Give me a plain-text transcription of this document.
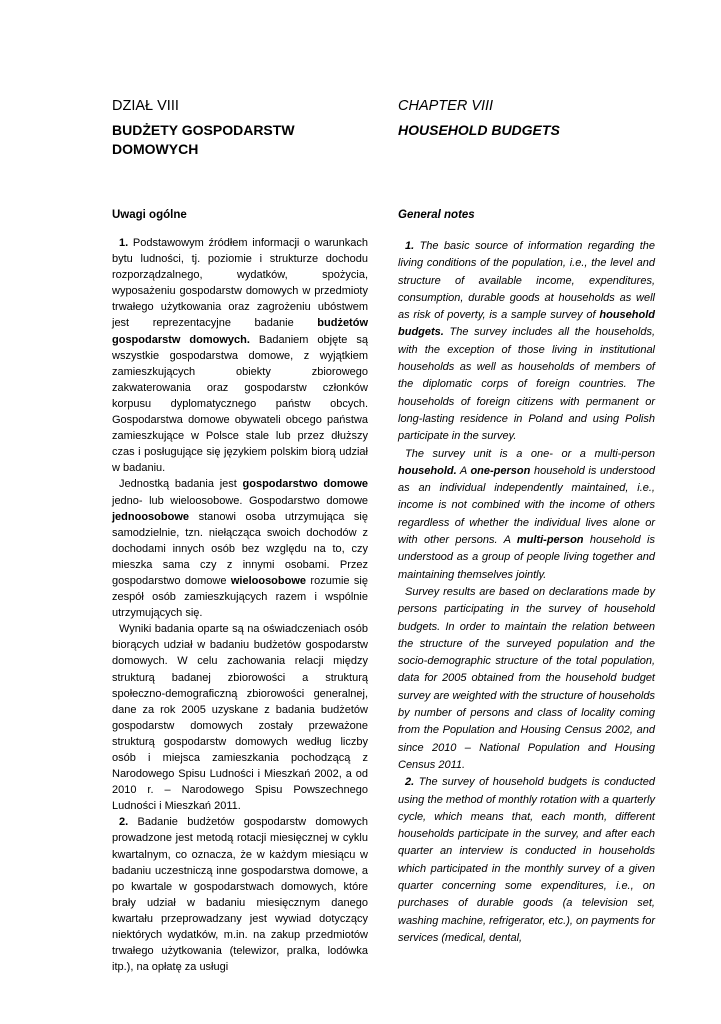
DZIAŁ VIII
BUDŻETY GOSPODARSTW DOMOWYCH
Uwagi ogólne

1. Podstawowym źródłem informacji o warunkach bytu ludności, tj. poziomie i strukturze dochodu rozporządzalnego, wydatków, spożycia, wyposażeniu gospodarstw domowych w przedmioty trwałego użytkowania oraz zagrożeniu ubóstwem jest reprezentacyjne badanie budżetów gospodarstw domowych. Badaniem objęte są wszystkie gospodarstwa domowe, z wyjątkiem zamieszkujących obiekty zbiorowego zakwaterowania oraz gospodarstw członków korpusu dyplomatycznego państw obcych. Gospodarstwa domowe obywateli obcego państwa zamieszkujące w Polsce stale lub przez dłuższy czas i posługujące się językiem polskim biorą udział w badaniu.

Jednostką badania jest gospodarstwo domowe jedno- lub wieloosobowe. Gospodarstwo domowe jednoosobowe stanowi osoba utrzymująca się samodzielnie, tzn. niełącząca swoich dochodów z dochodami innych osób bez względu na to, czy mieszka sama czy z innymi osobami. Przez gospodarstwo domowe wieloosobowe rozumie się zespół osób zamieszkujących razem i wspólnie utrzymujących się.

Wyniki badania oparte są na oświadczeniach osób biorących udział w badaniu budżetów gospodarstw domowych. W celu zachowania relacji między strukturą badanej zbiorowości a strukturą społeczno-demograficzną zbiorowości generalnej, dane za rok 2005 uzyskane z badania budżetów gospodarstw domowych zostały przeważone strukturą gospodarstw domowych według liczby osób i miejsca zamieszkania pochodzącą z Narodowego Spisu Ludności i Mieszkań 2002, a od 2010 r. – Narodowego Spisu Powszechnego Ludności i Mieszkań 2011.

2. Badanie budżetów gospodarstw domowych prowadzone jest metodą rotacji miesięcznej w cyklu kwartalnym, co oznacza, że w każdym miesiącu w badaniu uczestniczą inne gospodarstwa domowe, a po kwartale w gospodarstwach domowych, które brały udział w badaniu miesięcznym danego kwartału przeprowadzany jest wywiad dotyczący niektórych wydatków, m.in. na zakup przedmiotów trwałego użytkowania (telewizor, pralka, lodówka itp.), na opłatę za usługi

CHAPTER VIII
HOUSEHOLD BUDGETS
General notes

1. The basic source of information regarding the living conditions of the population, i.e., the level and structure of available income, expenditures, consumption, durable goods at households as well as risk of poverty, is a sample survey of household budgets. The survey includes all the households, with the exception of those living in institutional households as well as households of members of the diplomatic corps of foreign countries. The households of foreign citizens with permanent or long-lasting residence in Poland and using Polish participate in the survey.

The survey unit is a one- or a multi-person household. A one-person household is understood as an individual independently maintained, i.e., income is not combined with the income of others regardless of whether the individual lives alone or with other persons. A multi-person household is understood as a group of people living together and maintaining themselves jointly.

Survey results are based on declarations made by persons participating in the survey of household budgets. In order to maintain the relation between the structure of the surveyed population and the socio-demographic structure of the total population, data for 2005 obtained from the household budget survey are weighted with the structure of households by number of persons and class of locality coming from the Population and Housing Census 2002, and since 2010 – National Population and Housing Census 2011.

2. The survey of household budgets is conducted using the method of monthly rotation with a quarterly cycle, which means that, each month, different households participate in the survey, and after each quarter an interview is conducted in households which participated in the monthly survey of a given quarter concerning some expenditures, i.e., on purchases of durable goods (a television set, washing machine, refrigerator, etc.), on payments for services (medical, dental,
